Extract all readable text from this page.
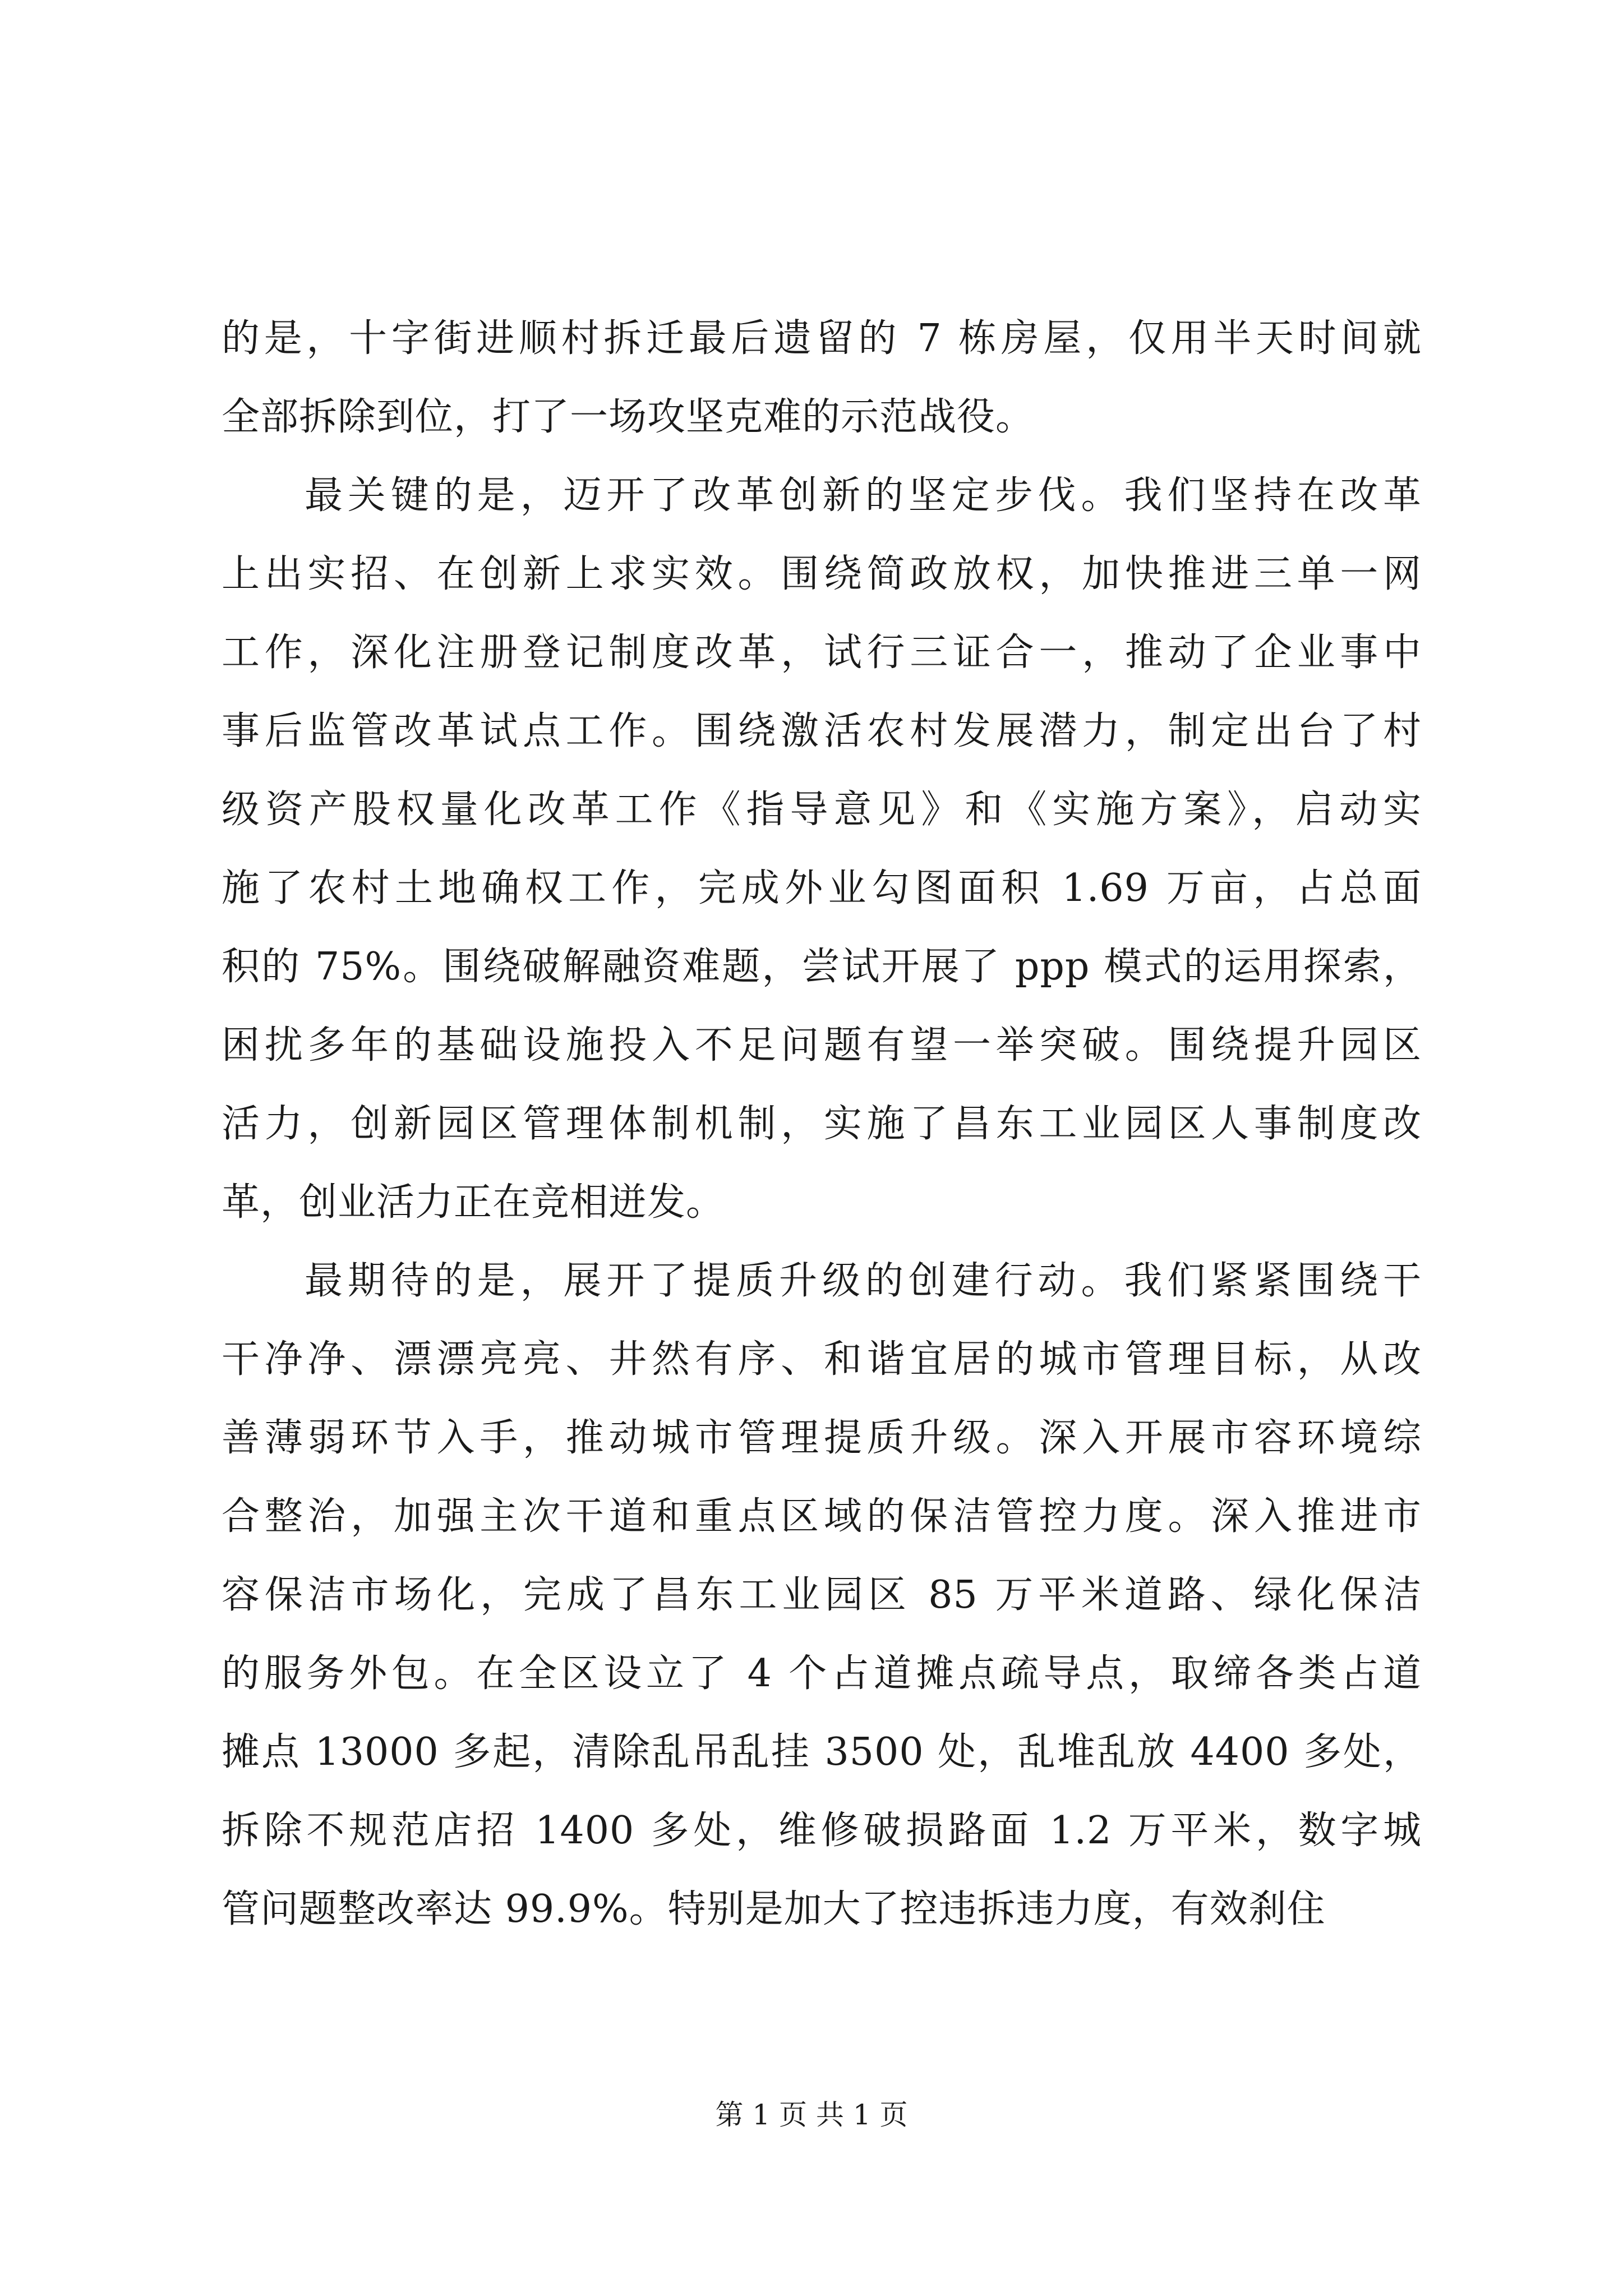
的是，十字街进顺村拆迁最后遗留的 7 栋房屋，仅用半天时间就
全部拆除到位，打了一场攻坚克难的示范战役。
最关键的是，迈开了改革创新的坚定步伐。我们坚持在改革
上出实招、在创新上求实效。围绕简政放权，加快推进三单一网
工作，深化注册登记制度改革，试行三证合一，推动了企业事中
事后监管改革试点工作。围绕激活农村发展潜力，制定出台了村
级资产股权量化改革工作《指导意见》和《实施方案》，启动实
施了农村土地确权工作，完成外业勾图面积 1.69 万亩，占总面
积的 75%。围绕破解融资难题，尝试开展了 ppp 模式的运用探索，
困扰多年的基础设施投入不足问题有望一举突破。围绕提升园区
活力，创新园区管理体制机制，实施了昌东工业园区人事制度改
革，创业活力正在竞相迸发。
最期待的是，展开了提质升级的创建行动。我们紧紧围绕干
干净净、漂漂亮亮、井然有序、和谐宜居的城市管理目标，从改
善薄弱环节入手，推动城市管理提质升级。深入开展市容环境综
合整治，加强主次干道和重点区域的保洁管控力度。深入推进市
容保洁市场化，完成了昌东工业园区 85 万平米道路、绿化保洁
的服务外包。在全区设立了 4 个占道摊点疏导点，取缔各类占道
摊点 13000 多起，清除乱吊乱挂 3500 处，乱堆乱放 4400 多处，
拆除不规范店招 1400 多处，维修破损路面 1.2 万平米，数字城
管问题整改率达 99.9%。特别是加大了控违拆违力度，有效刹住
第 1 页 共 1 页
